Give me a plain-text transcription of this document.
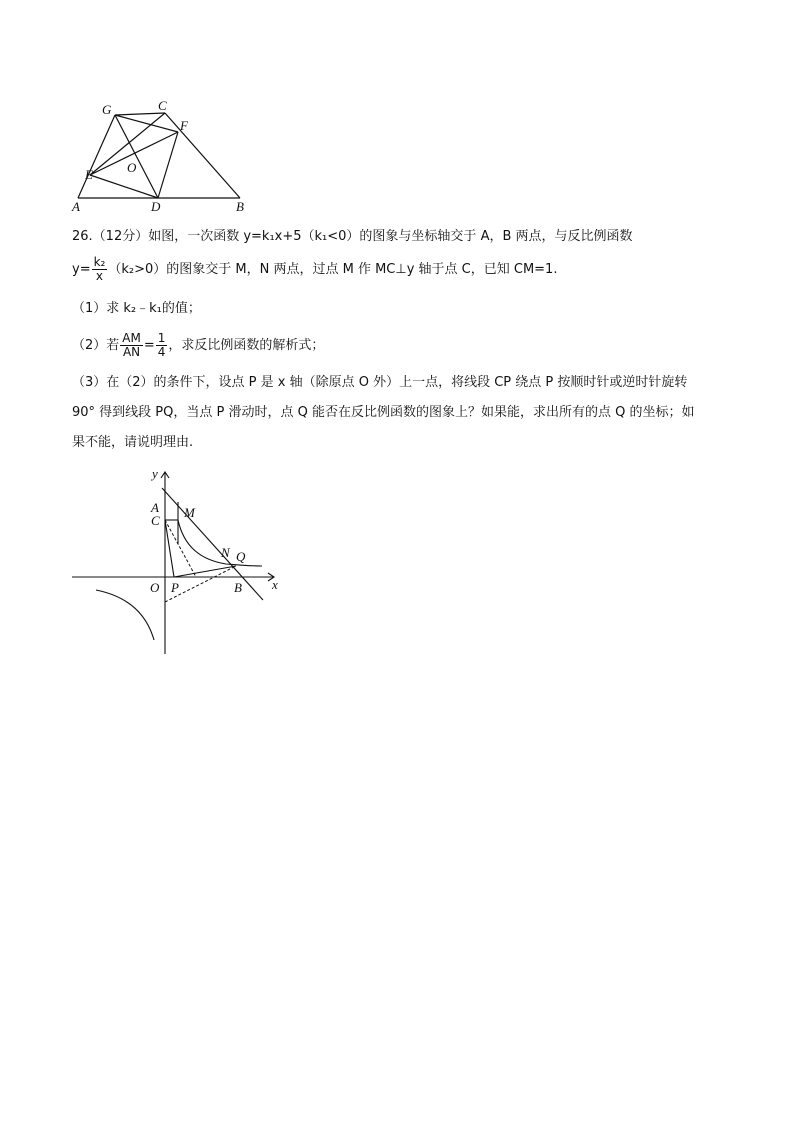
G	C
F
O
E
A	D	B
26.（12分）如图，一次函数 y=k₁x+5（k₁<0）的图象与坐标轴交于 A，B 两点，与反比例函数
$y= \frac{\text{k₂}}{x} (k_2>0)$的图象交于 M，N 两点，过点 M 作 MC⊥y 轴于点 C，已知 CM=1.
（1）求 k₂﹣k₁的值；
（2）若 $\frac{AM}{AN} = \frac{1}{4}$ ，求反比例函数的解析式；
（3）在（2）的条件下，设点 P 是 x 轴（除原点 O 外）上一点，将线段 CP 绕点 P 按顺时针或逆时针旋转
90° 得到线段 PQ，当点 P 滑动时，点 Q 能否在反比例函数的图象上？如果能，求出所有的点 Q 的坐标；如
果不能，请说明理由.
y
A
C
M
N Q
O P	B x
